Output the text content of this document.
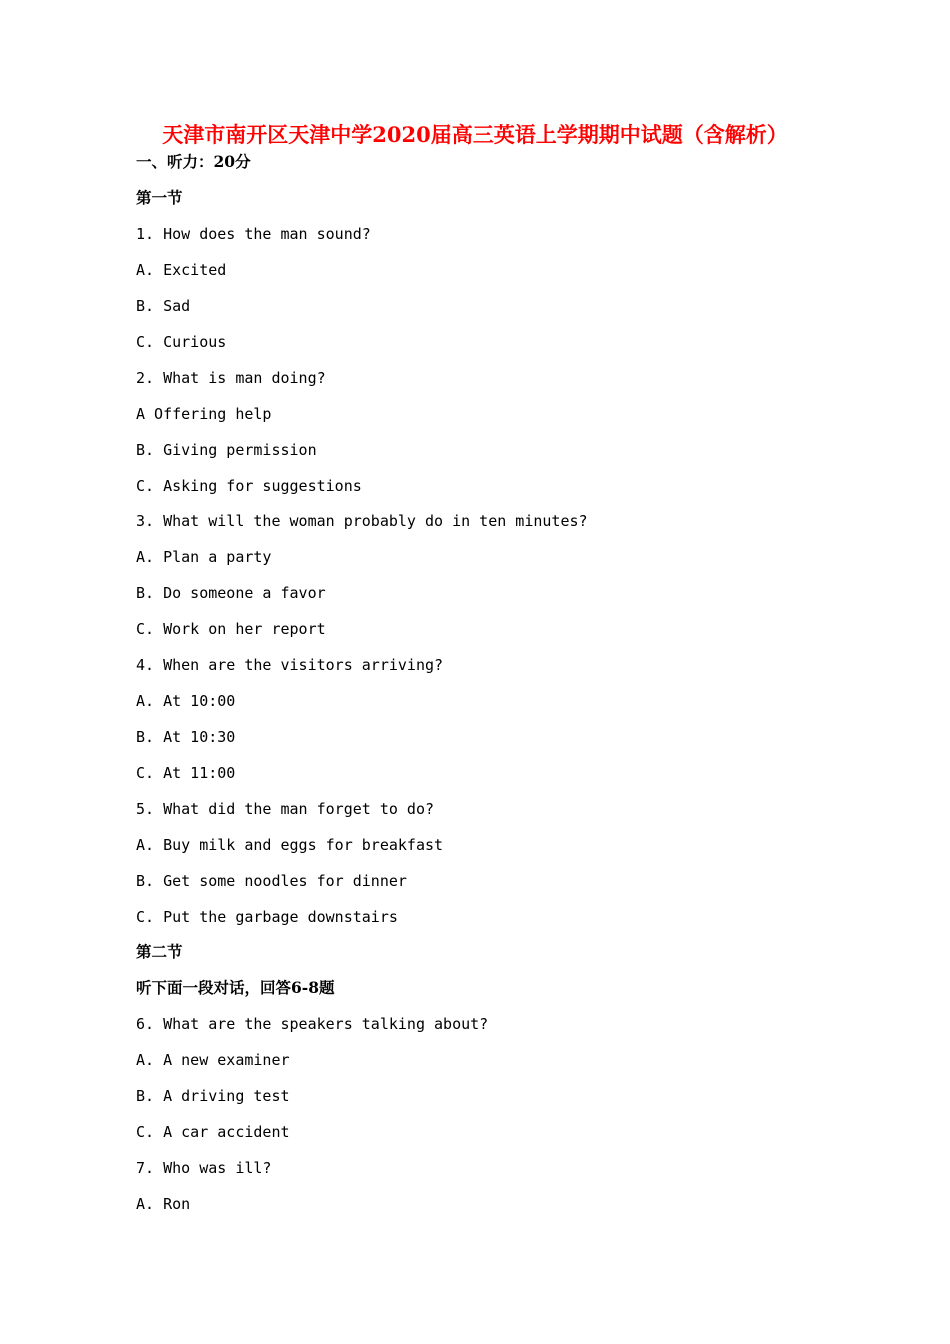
天津市南开区天津中学2020届高三英语上学期期中试题（含解析）
一、听力：20分
第一节
1. How does the man sound?
A. Excited
B. Sad
C. Curious
2. What is man doing?
A Offering help
B. Giving permission
C. Asking for suggestions
3. What will the woman probably do in ten minutes?
A. Plan a party
B. Do someone a favor
C. Work on her report
4. When are the visitors arriving?
A. At 10:00
B. At 10:30
C. At 11:00
5. What did the man forget to do?
A. Buy milk and eggs for breakfast
B. Get some noodles for dinner
C. Put the garbage downstairs
第二节
听下面一段对话，回答6-8题
6. What are the speakers talking about?
A. A new examiner
B. A driving test
C. A car accident
7. Who was ill?
A. Ron
